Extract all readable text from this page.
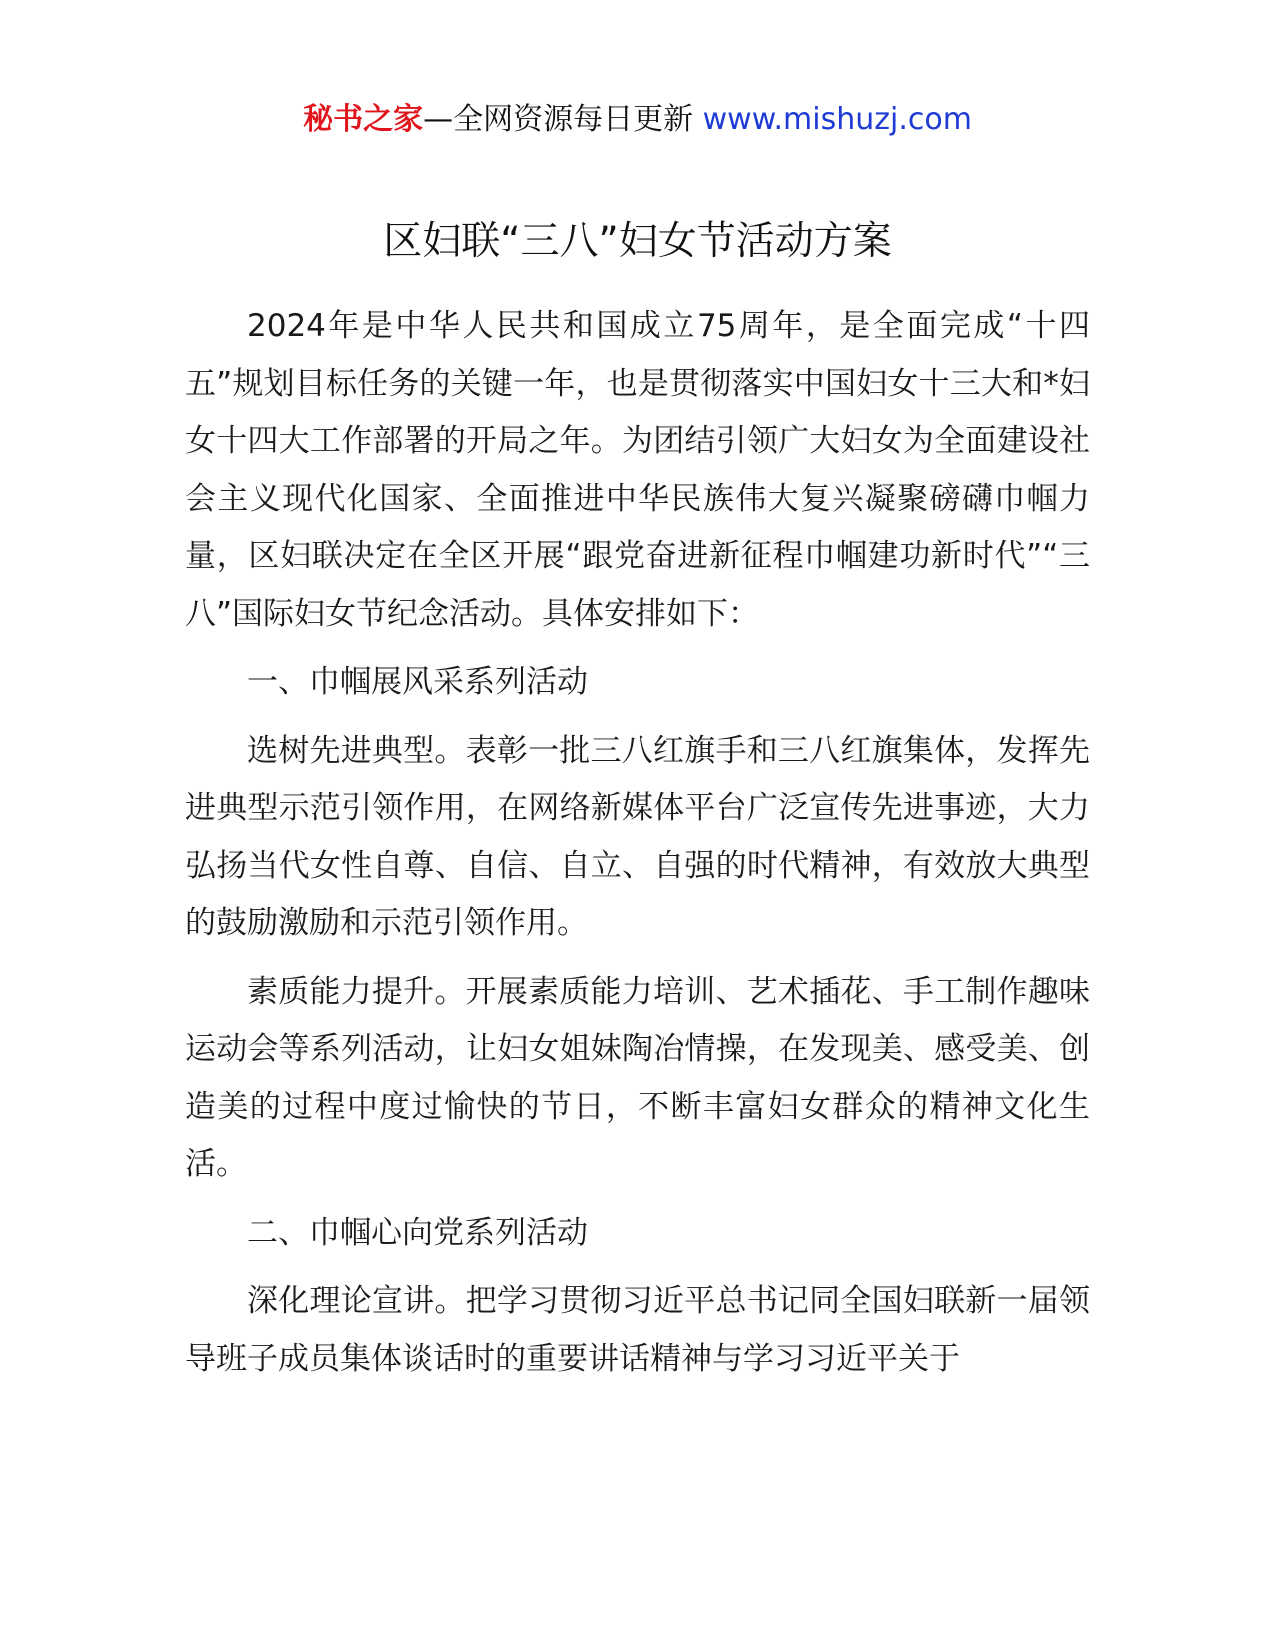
秘书之家—全网资源每日更新 www.mishuzj.com
区妇联“三八”妇女节活动方案

2024年是中华人民共和国成立75周年，是全面完成“十四五”规划目标任务的关键一年，也是贯彻落实中国妇女十三大和*妇女十四大工作部署的开局之年。为团结引领广大妇女为全面建设社会主义现代化国家、全面推进中华民族伟大复兴凝聚磅礴巾帼力量，区妇联决定在全区开展“跟党奋进新征程巾帼建功新时代”“三八”国际妇女节纪念活动。具体安排如下：

一、巾帼展风采系列活动

选树先进典型。表彰一批三八红旗手和三八红旗集体，发挥先进典型示范引领作用，在网络新媒体平台广泛宣传先进事迹，大力弘扬当代女性自尊、自信、自立、自强的时代精神，有效放大典型的鼓励激励和示范引领作用。

素质能力提升。开展素质能力培训、艺术插花、手工制作趣味运动会等系列活动，让妇女姐妹陶冶情操，在发现美、感受美、创造美的过程中度过愉快的节日，不断丰富妇女群众的精神文化生活。

二、巾帼心向党系列活动

深化理论宣讲。把学习贯彻习近平总书记同全国妇联新一届领导班子成员集体谈话时的重要讲话精神与学习习近平关于
